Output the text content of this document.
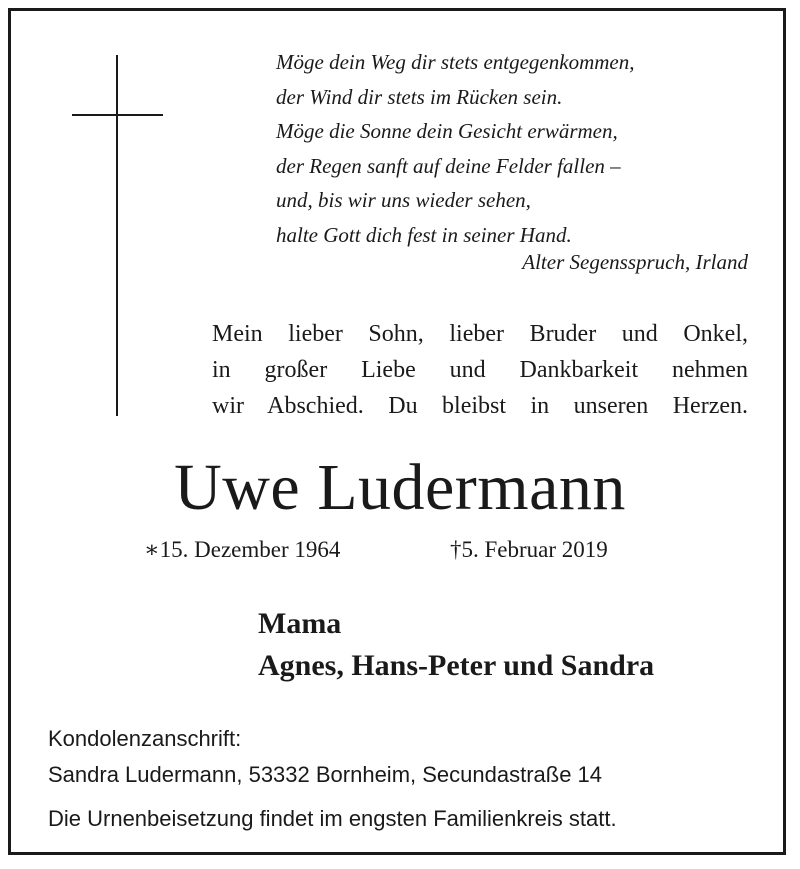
Möge dein Weg dir stets entgegenkommen,
der Wind dir stets im Rücken sein.
Möge die Sonne dein Gesicht erwärmen,
der Regen sanft auf deine Felder fallen –
und, bis wir uns wieder sehen,
halte Gott dich fest in seiner Hand.
Alter Segensspruch, Irland
Mein lieber Sohn, lieber Bruder und Onkel,
in großer Liebe und Dankbarkeit nehmen
wir Abschied. Du bleibst in unseren Herzen.
Uwe Ludermann
∗15. Dezember 1964	†5. Februar 2019
Mama
Agnes, Hans-Peter und Sandra
Kondolenzanschrift:
Sandra Ludermann, 53332 Bornheim, Secundastraße 14
Die Urnenbeisetzung findet im engsten Familienkreis statt.
